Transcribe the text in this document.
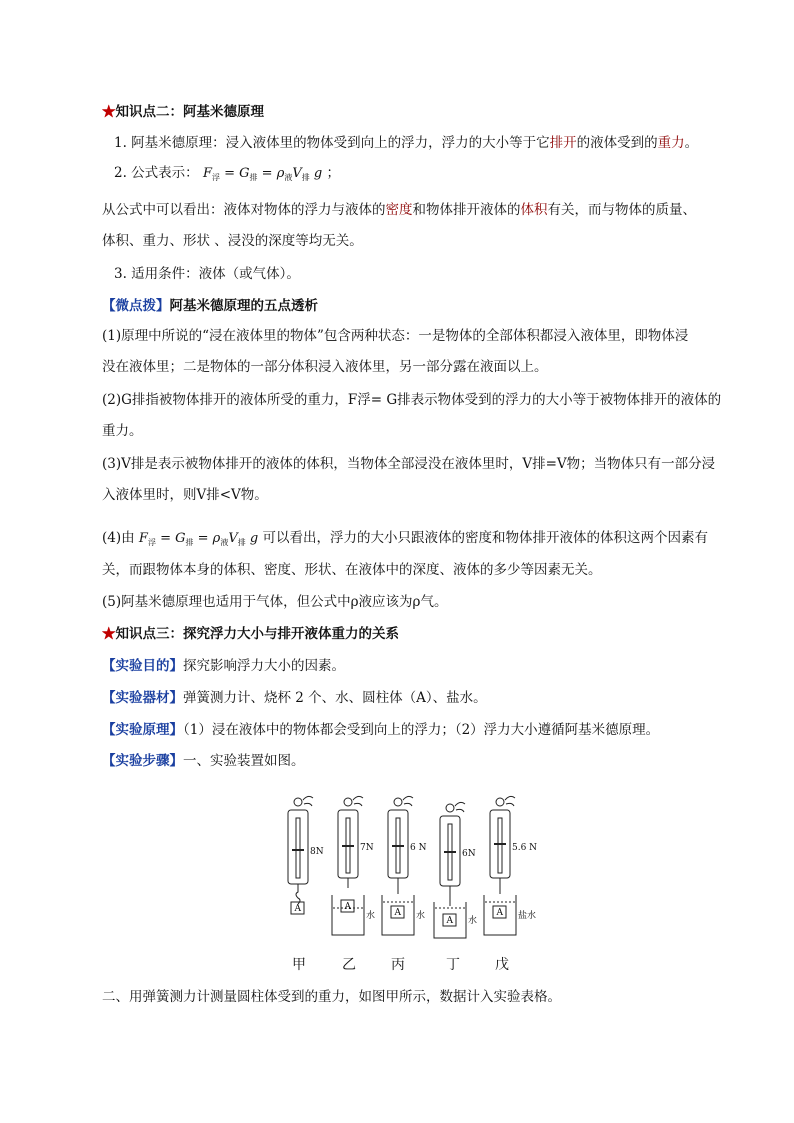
★知识点二：阿基米德原理
1. 阿基米德原理：浸入液体里的物体受到向上的浮力，浮力的大小等于它排开的液体受到的重力。
2. 公式表示： $F_浮 = G_排 = \rho_液V_排$ g ；
从公式中可以看出：液体对物体的浮力与液体的密度和物体排开液体的体积有关，而与物体的质量、
体积、重力、形状 、浸没的深度等均无关。
3. 适用条件：液体（或气体）。
【微点拨】阿基米德原理的五点透析
(1)原理中所说的“浸在液体里的物体”包含两种状态：一是物体的全部体积都浸入液体里，即物体浸
没在液体里；二是物体的一部分体积浸入液体里，另一部分露在液面以上。
(2)G排指被物体排开的液体所受的重力，F浮= G排表示物体受到的浮力的大小等于被物体排开的液体的
重力。
(3)V排是表示被物体排开的液体的体积，当物体全部浸没在液体里时，V排=V物；当物体只有一部分浸
入液体里时，则V排<V物。
(4)由 $F_浮 = G_排 = \rho_液V_排$ g 可以看出，浮力的大小只跟液体的密度和物体排开液体的体积这两个因素有
关，而跟物体本身的体积、密度、形状、在液体中的深度、液体的多少等因素无关。
(5)阿基米德原理也适用于气体，但公式中ρ液应该为ρ气。
★知识点三：探究浮力大小与排开液体重力的关系
【实验目的】探究影响浮力大小的因素。
【实验器材】弹簧测力计、烧杯 2 个、水、圆柱体（A）、盐水。
【实验原理】（1）浸在液体中的物体都会受到向上的浮力；（2）浮力大小遵循阿基米德原理。
【实验步骤】一、实验装置如图。
8N	7N	6 N
6N
5.6 N
A	A
A
A
A
水	水	水	盐水
甲	乙	丙	丁	戊
二、用弹簧测力计测量圆柱体受到的重力，如图甲所示，数据计入实验表格。
